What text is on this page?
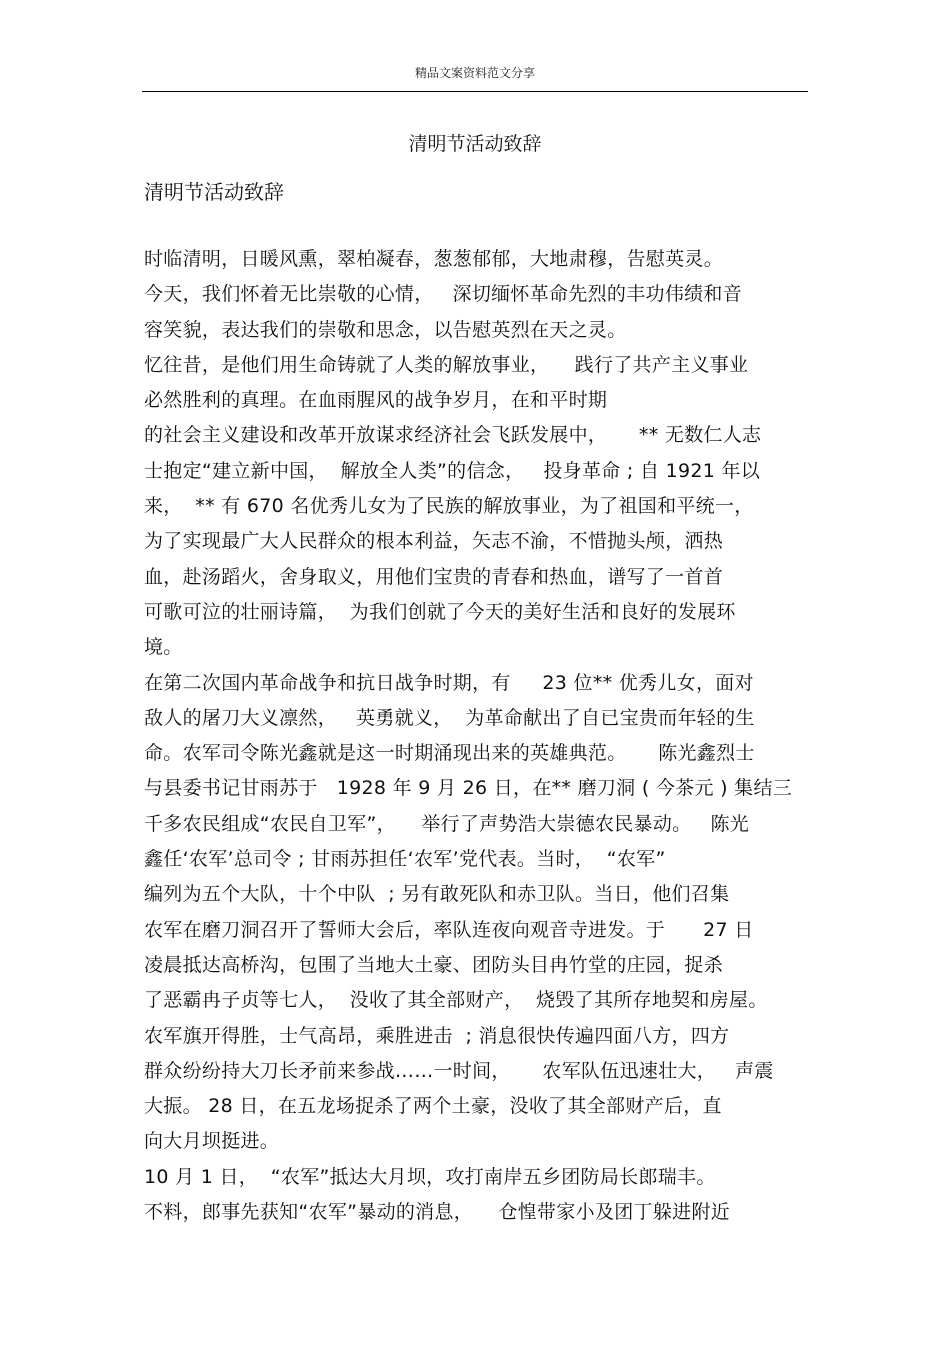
精品文案资料范文分享
清明节活动致辞
清明节活动致辞
时临清明，日暖风熏，翠柏凝春，葱葱郁郁，大地肃穆，告慰英灵。
今天，我们怀着无比崇敬的心情，   深切缅怀革命先烈的丰功伟绩和音
容笑貌，表达我们的崇敬和思念，以告慰英烈在天之灵。
忆往昔，是他们用生命铸就了人类的解放事业，    践行了共产主义事业
必然胜利的真理。在血雨腥风的战争岁月，在和平时期
的社会主义建设和改革开放谋求经济社会飞跃发展中，     ** 无数仁人志
士抱定“建立新中国，  解放全人类”的信念，   投身革命 ; 自 1921 年以
来，  ** 有 670 名优秀儿女为了民族的解放事业，为了祖国和平统一，
为了实现最广大人民群众的根本利益，矢志不渝，不惜抛头颅，洒热
血，赴汤蹈火，舍身取义，用他们宝贵的青春和热血，谱写了一首首
可歌可泣的壮丽诗篇，  为我们创就了今天的美好生活和良好的发展环
境。
在第二次国内革命战争和抗日战争时期，有     23 位** 优秀儿女，面对
敌人的屠刀大义凛然，   英勇就义，  为革命献出了自已宝贵而年轻的生
命。农军司令陈光鑫就是这一时期涌现出来的英雄典范。     陈光鑫烈士
与县委书记甘雨苏于   1928 年 9 月 26 日，在** 磨刀洞 ( 今茶元 ) 集结三
千多农民组成“农民自卫军”，    举行了声势浩大崇德农民暴动。   陈光
鑫任‘农军’总司令 ; 甘雨苏担任‘农军’党代表。当时，  “农军”
编列为五个大队，十个中队  ; 另有敢死队和赤卫队。当日，他们召集
农军在磨刀洞召开了誓师大会后，率队连夜向观音寺进发。于      27 日
凌晨抵达高桥沟，包围了当地大土豪、团防头目冉竹堂的庄园，捉杀
了恶霸冉子贞等七人，  没收了其全部财产，  烧毁了其所存地契和房屋。
农军旗开得胜，士气高昂，乘胜进击  ; 消息很快传遍四面八方，四方
群众纷纷持大刀长矛前来参战……一时间，     农军队伍迅速壮大，   声震
大振。 28 日，在五龙场捉杀了两个土豪，没收了其全部财产后，直
向大月坝挺进。
10 月 1 日，  “农军”抵达大月坝，攻打南岸五乡团防局长郎瑞丰。
不料，郎事先获知“农军”暴动的消息，    仓惶带家小及团丁躲进附近
